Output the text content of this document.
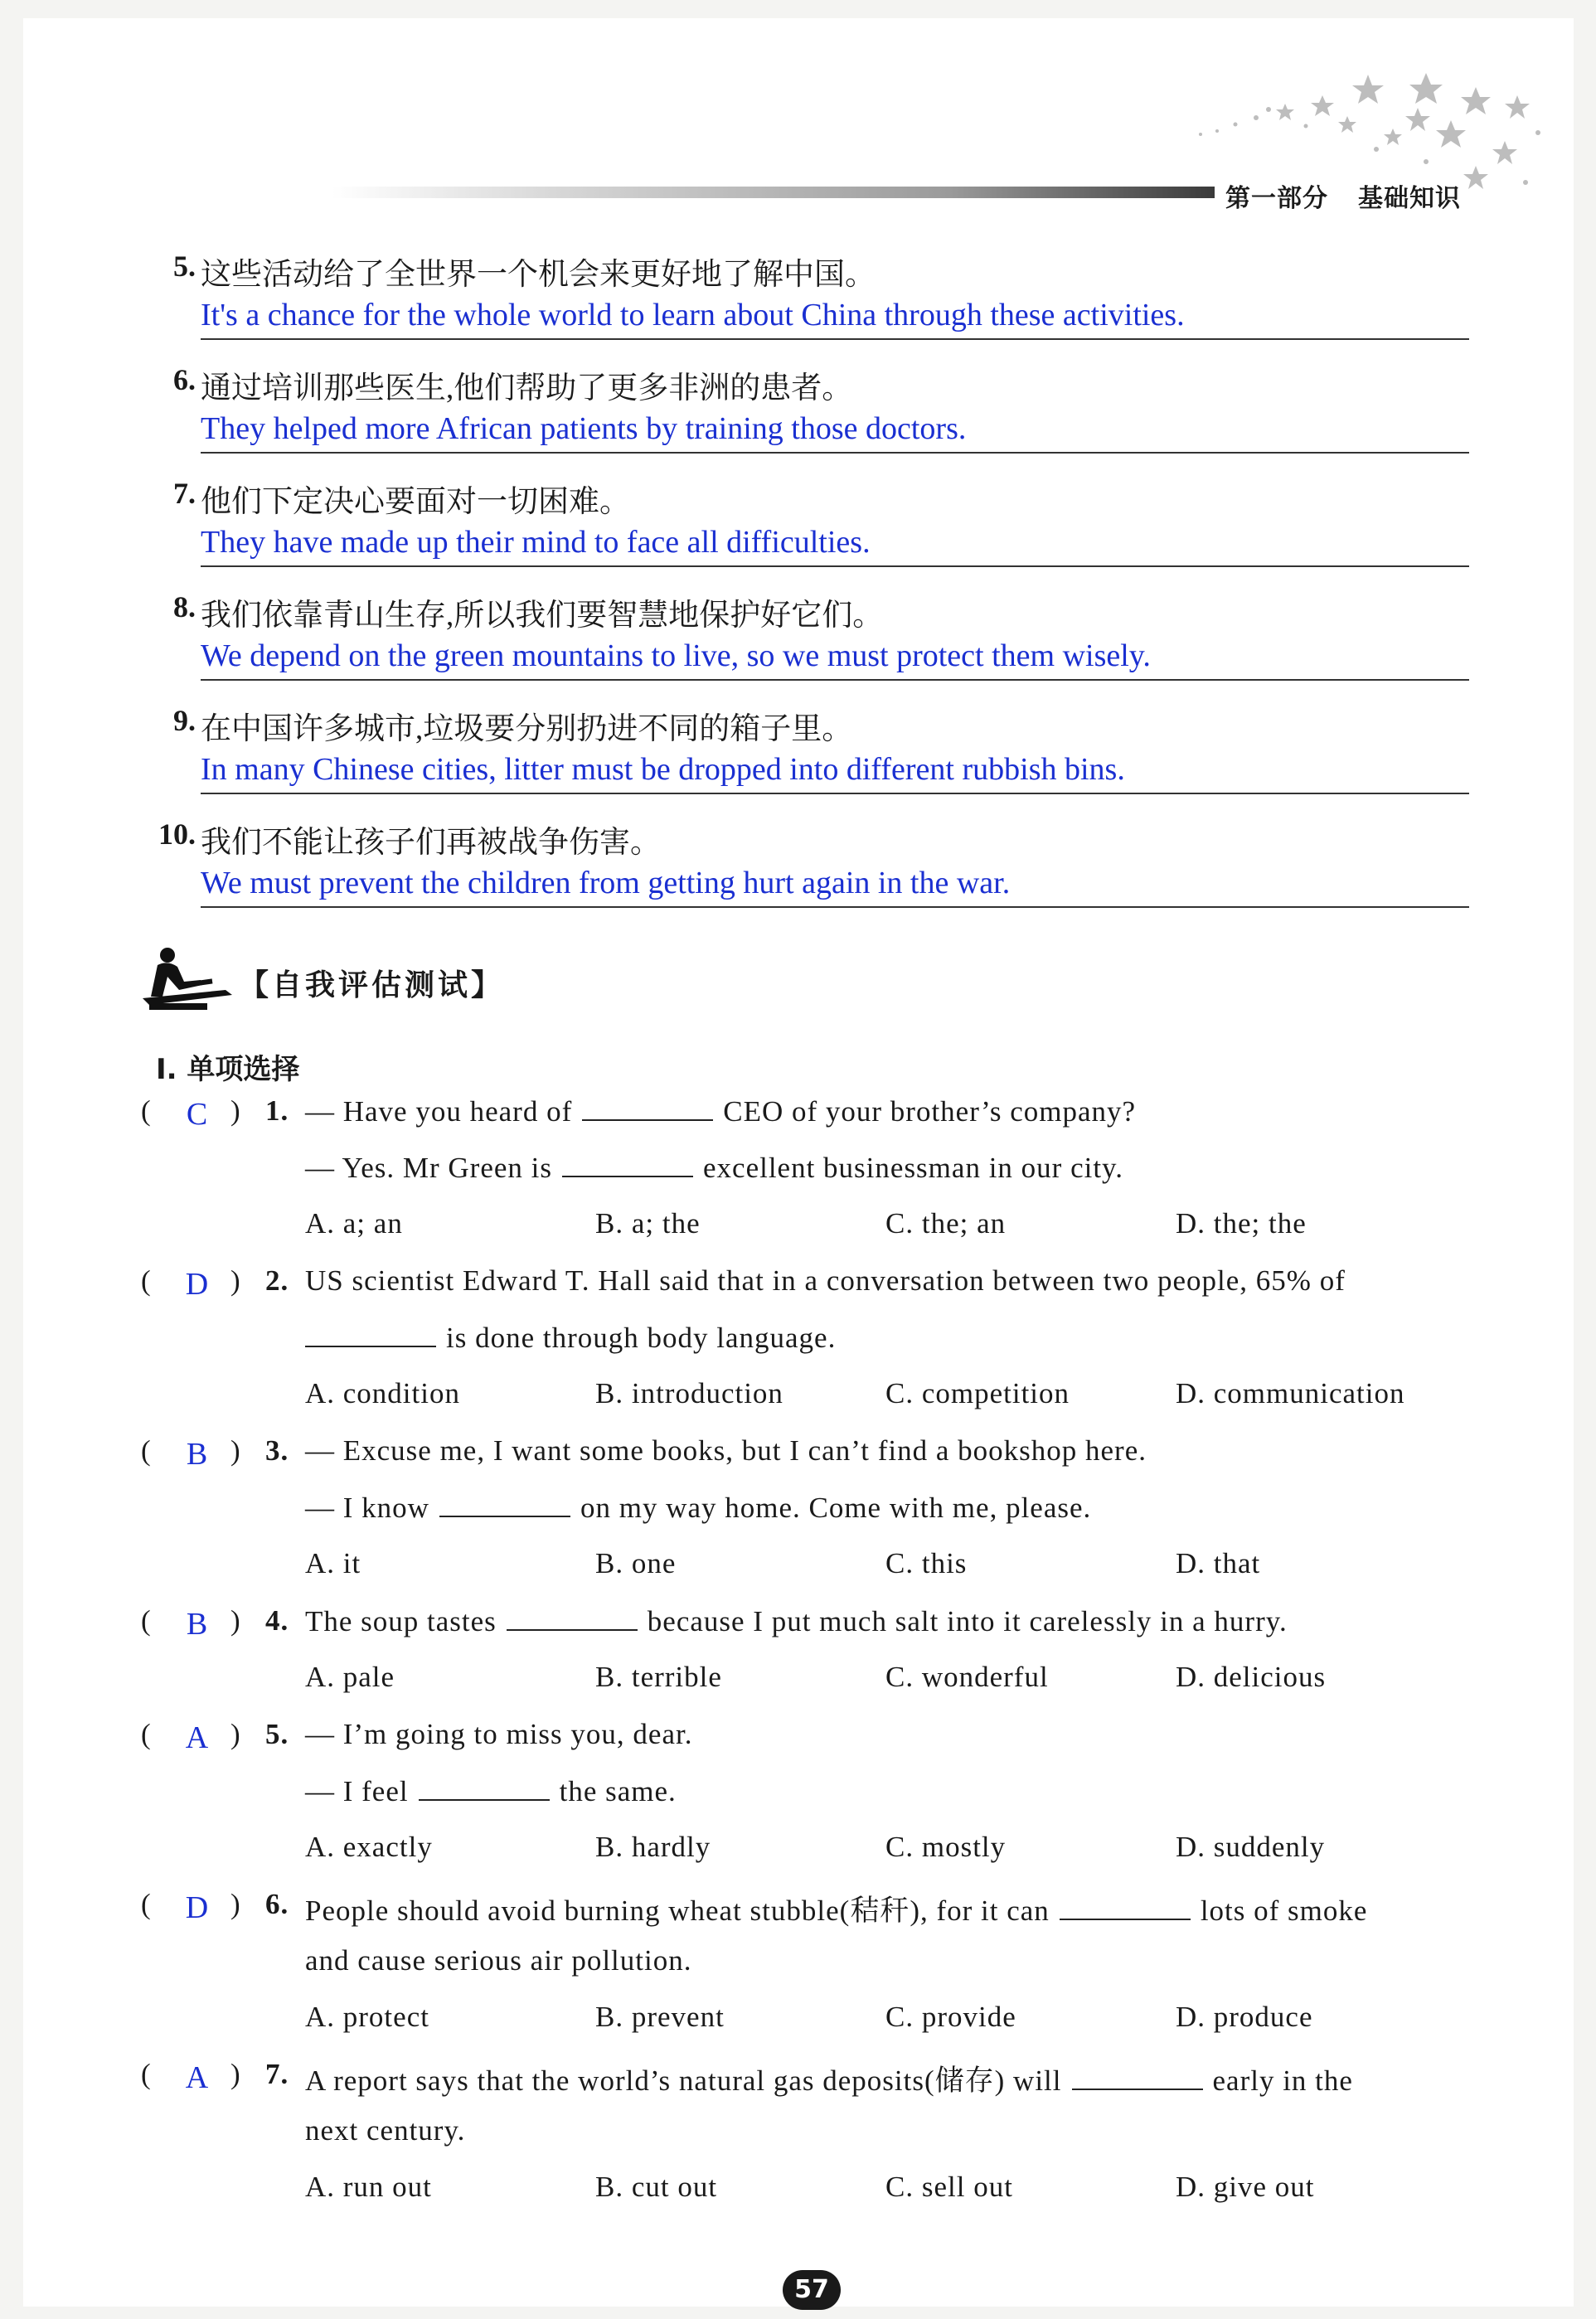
第一部分 基础知识
5. 这些活动给了全世界一个机会来更好地了解中国。
It's a chance for the whole world to learn about China through these activities.
6. 通过培训那些医生,他们帮助了更多非洲的患者。
They helped more African patients by training those doctors.
7. 他们下定决心要面对一切困难。
They have made up their mind to face all difficulties.
8. 我们依靠青山生存,所以我们要智慧地保护好它们。
We depend on the green mountains to live, so we must protect them wisely.
9. 在中国许多城市,垃圾要分别扔进不同的箱子里。
In many Chinese cities, litter must be dropped into different rubbish bins.
10. 我们不能让孩子们再被战争伤害。
We must prevent the children from getting hurt again in the war.
【自我评估测试】
Ⅰ. 单项选择
( C ) 1. — Have you heard of	CEO of your brother’s company?
— Yes. Mr Green is	excellent businessman in our city.
A. a; an	B. a; the	C. the; an	D. the; the
( D ) 2. US scientist Edward T. Hall said that in a conversation between two people, 65% of
is done through body language.
A. condition	B. introduction	C. competition	D. communication
( B ) 3. — Excuse me, I want some books, but I can’t find a bookshop here.
— I know	on my way home. Come with me, please.
A. it	B. one	C. this	D. that
( B ) 4. The soup tastes	because I put much salt into it carelessly in a hurry.
A. pale	B. terrible	C. wonderful	D. delicious
( A ) 5. — I’m going to miss you, dear.
— I feel	the same.
A. exactly	B. hardly	C. mostly	D. suddenly
( D ) 6. People should avoid burning wheat stubble(秸秆), for it can	lots of smoke
and cause serious air pollution.
A. protect	B. prevent	C. provide	D. produce
( A ) 7. A report says that the world’s natural gas deposits(储存) will	early in the
next century.
A. run out	B. cut out	C. sell out	D. give out
57
